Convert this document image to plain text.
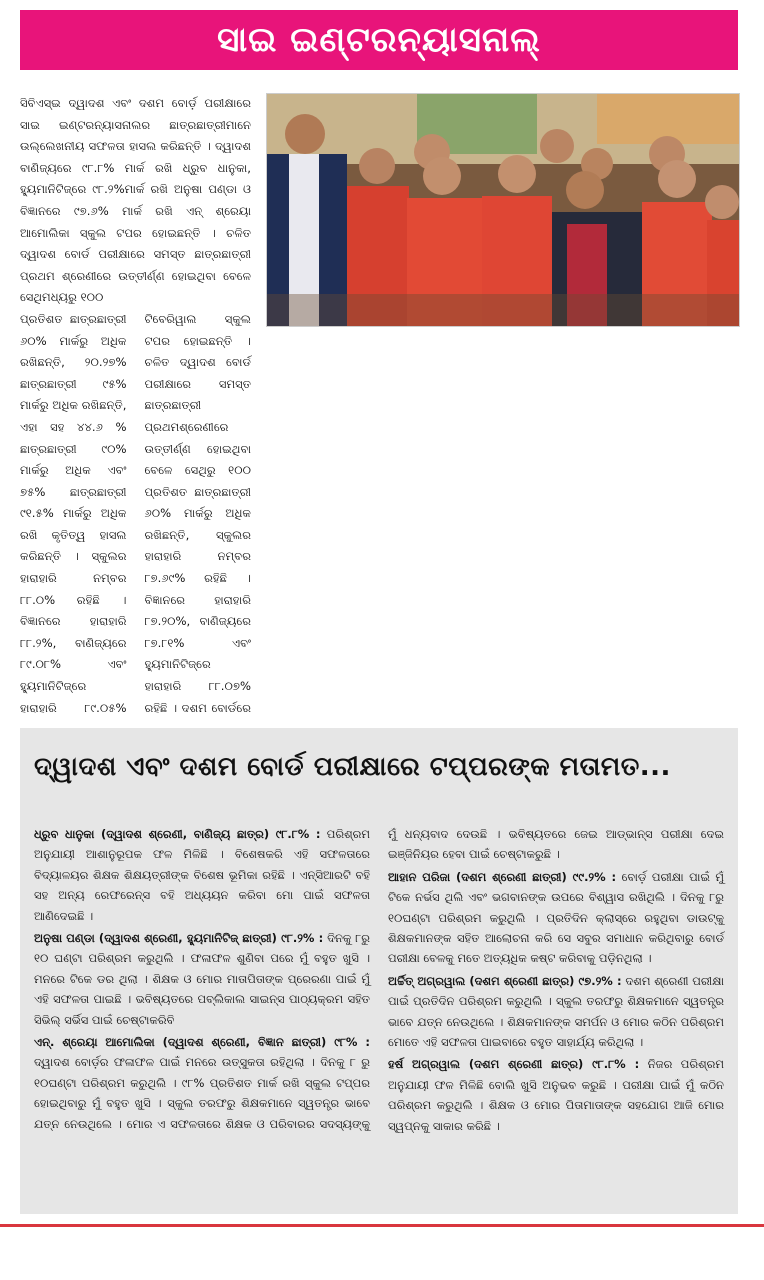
ସାଇ ଇଣ୍ଟରନ୍ୟାସନାଲ୍

ସିବିଏସ୍‌ଇ ଦ୍ୱାଦଶ ଏବଂ ଦଶମ ବୋର୍ଡ଼ ପରୀକ୍ଷାରେ ସାଇ ଇଣ୍ଟରନ୍ୟାସନାଲର ଛାତ୍ରଛାତ୍ରୀମାନେ ଉଲ୍ଲେଖନୀୟ ସଫଳତା ହାସଲ କରିଛନ୍ତି । ଦ୍ୱାଦଶ ବାଣିଜ୍ୟରେ ୯୮.୮% ମାର୍କ ରଖି ଧ୍ରୁବ ଧାନୁକା, ହ୍ୟୁମାନିଟିଜ୍‌ରେ ୯୮.୨%ମାର୍କ ରଖି ଅନୁଷା ପଣ୍ଡା ଓ ବିଜ୍ଞାନରେ ୯୭.୬% ମାର୍କ ରଖି ଏନ୍ ଶ୍ରେୟା ଆମୋଲିକା ସ୍କୁଲ ଟପର ହୋଇଛନ୍ତି । ଚଳିତ ଦ୍ୱାଦଶ ବୋର୍ଡ ପରୀକ୍ଷାରେ ସମସ୍ତ ଛାତ୍ରଛାତ୍ରୀ ପ୍ରଥମ ଶ୍ରେଣୀରେ ଉତ୍ତୀର୍ଣ୍ଣ ହୋଇଥିବା ବେଳେ ସେଥିମଧ୍ୟରୁ ୧୦୦

ପ୍ରତିଶତ ଛାତ୍ରଛାତ୍ରୀ ୬୦% ମାର୍କରୁ ଅଧିକ ରଖିଛନ୍ତି, ୨୦.୨୭% ଛାତ୍ରଛାତ୍ରୀ ୯୫% ମାର୍କରୁ ଅଧିକ ରଖିଛନ୍ତି, ଏହା ସହ ୪୪.୬ % ଛାତ୍ରଛାତ୍ରୀ ୯୦% ମାର୍କରୁ ଅଧିକ ଏବଂ ୭୫% ଛାତ୍ରଛାତ୍ରୀ ୯୧.୫% ମାର୍କରୁ ଅଧିକ ରଖି କୃତିତ୍ୱ ହାସଲ କରିଛନ୍ତି । ସ୍କୁଲର ହାରାହାରି ନମ୍ବର ୮୮.୦% ରହିଛି । ବିଜ୍ଞାନରେ ହାରାହାରି ୮୮.୨%, ବାଣିଜ୍ୟରେ ୮୯.୦୮% ଏବଂ ହ୍ୟୁମାନିଟିଜ୍‌ରେ ହାରାହାରି ୮୯.୦୫%

ଟିବେରିୱାଲ ସ୍କୁଲ ଟପର ହୋଇଛନ୍ତି । ଚଳିତ ଦ୍ୱାଦଶ ବୋର୍ଡ ପରୀକ୍ଷାରେ ସମସ୍ତ ଛାତ୍ରଛାତ୍ରୀ ପ୍ରଥମଶ୍ରେଣୀରେ ଉତ୍ତୀର୍ଣ୍ଣ ହୋଇଥିବା ବେଳେ ସେଥିରୁ ୧୦୦ ପ୍ରତିଶତ ଛାତ୍ରଛାତ୍ରୀ ୬୦% ମାର୍କରୁ ଅଧିକ ରଖିଛନ୍ତି, ସ୍କୁଲର ହାରାହାରି ନମ୍ବର ୮୭.୬୯% ରହିଛି । ବିଜ୍ଞାନରେ ହାରାହାରି ୮୭.୨୦%, ବାଣିଜ୍ୟରେ ୮୭.୮୧% ଏବଂ ହ୍ୟୁମାନିଟିଜ୍‌ରେ ହାରାହାରି ୮୮.୦୭% ରହିଛି । ଦଶମ ବୋର୍ଡରେ

ଦ୍ୱାଦଶ ଏବଂ ଦଶମ ବୋର୍ଡ ପରୀକ୍ଷାରେ ଟପ୍ପରଙ୍କ ମତାମତ...
ଧ୍ରୁବ ଧାନୁକା (ଦ୍ୱାଦଶ ଶ୍ରେଣୀ, ବାଣିଜ୍ୟ ଛାତ୍ର) ୯୮.୮% : ପରିଶ୍ରମ ଅନୁଯାୟୀ ଆଶାନୁରୂପକ ଫଳ ମିଳିଛି । ବିଶେଷକରି ଏହି ସଫଳତାରେ ବିଦ୍ୟାଳୟର ଶିକ୍ଷକ ଶିକ୍ଷୟତ୍ରୀଙ୍କ ବିଶେଷ ଭୂମିକା ରହିଛି । ଏନ୍‌ସିଆରଟି ବହି ସହ ଅନ୍ୟ ରେଫରେନ୍ସ ବହି ଅଧ୍ୟୟନ କରିବା ମୋ ପାଇଁ ସଫଳତା ଆଣିଦେଇଛି ।
ଅନୁଷା ପଣ୍ଡା (ଦ୍ୱାଦଶ ଶ୍ରେଣୀ, ହ୍ୟୁମାନିଟିଜ୍ ଛାତ୍ରୀ) ୯୮.୨% : ଦିନକୁ ୮ରୁ ୧୦ ଘଣ୍ଟା ପରିଶ୍ରମ କରୁଥିଲି । ଫଳାଫଳ ଶୁଣିବା ପରେ ମୁଁ ବହୁତ ଖୁସି । ମନରେ ଟିକେ ଡର ଥିଲା । ଶିକ୍ଷକ ଓ ମୋର ମାତାପିତାଙ୍କ ପ୍ରେରଣା ପାଇଁ ମୁଁ ଏହି ସଫଳତା ପାଇଛି । ଭବିଷ୍ୟତରେ ପବ୍ଲିକାଲ ସାଇନ୍ସ ପାଠ୍ୟକ୍ରମ ସହିତ ସିଭିଲ୍ ସର୍ଭିସ ପାଇଁ ଚେଷ୍ଟାକରିବି
ଏନ୍. ଶ୍ରେୟା ଆମୋଲିକା (ଦ୍ୱାଦଶ ଶ୍ରେଣୀ, ବିଜ୍ଞାନ ଛାତ୍ରୀ) ୯୮% : ଦ୍ୱାଦଶ ବୋର୍ଡ଼ର ଫଳାଫଳ ପାଇଁ ମନରେ ଉତ୍ସୁକତା ରହିଥିଲା । ଦିନକୁ ୮ ରୁ ୧୦ଘଣ୍ଟା ପରିଶ୍ରମ କରୁଥିଲି । ୯୮% ପ୍ରତିଶତ ମାର୍କ ରଖି ସ୍କୁଲ ଟପ୍ପର ହୋଇଥିବାରୁ ମୁଁ ବହୁତ ଖୁସି । ସ୍କୁଲ ତରଫରୁ ଶିକ୍ଷକମାନେ ସ୍ୱତନ୍ତ୍ର ଭାବେ ଯତ୍ନ ନେଉଥିଲେ । ମୋର ଏ ସଫଳତାରେ ଶିକ୍ଷକ ଓ ପରିବାରର ସଦସ୍ୟଙ୍କୁ ମୁଁ ଧନ୍ୟବାଦ ଦେଉଛି । ଭବିଷ୍ୟତରେ ଜେଇ ଆଡ୍‌ଭାନ୍ସ ପରୀକ୍ଷା ଦେଇ ଇଞ୍ଜିନିୟର ହେବା ପାଇଁ ଚେଷ୍ଟାକରୁଛି ।
ଆହାନ ପରିଜା (ଦଶମ ଶ୍ରେଣୀ ଛାତ୍ରୀ) ୯୯.୨% : ବୋର୍ଡ଼ ପରୀକ୍ଷା ପାଇଁ ମୁଁ ଟିକେ ନର୍ଭସ ଥିଲି ଏବଂ ଭଗବାନଙ୍କ ଉପରେ ବିଶ୍ୱାସ ରଖିଥିଲି । ଦିନକୁ ୮ରୁ ୧୦ଘଣ୍ଟା ପରିଶ୍ରମ କରୁଥିଲି । ପ୍ରତିଦିନ କ୍ଲାସ୍‌ରେ ରହୁଥିବା ଡାଉଟ୍‌କୁ ଶିକ୍ଷକମାନଙ୍କ ସହିତ ଆଲୋଚନା କରି ସେ ସବୁର ସମାଧାନ କରିଥିବାରୁ ବୋର୍ଡ ପରୀକ୍ଷା ବେଳକୁ ମତେ ଅତ୍ୟଧିକ କଷ୍ଟ କରିବାକୁ ପଡ଼ିନଥିଲା ।
ଅର୍ଚ୍ଚିତ୍ ଅଗ୍ରୱାଲ (ଦଶମ ଶ୍ରେଣୀ ଛାତ୍ର) ୯୭.୨% : ଦଶମ ଶ୍ରେଣୀ ପରୀକ୍ଷା ପାଇଁ ପ୍ରତିଦିନ ପରିଶ୍ରମ କରୁଥିଲି । ସ୍କୁଲ ତରଫରୁ ଶିକ୍ଷକମାନେ ସ୍ୱତନ୍ତ୍ର ଭାବେ ଯତ୍ନ ନେଉଥିଲେ । ଶିକ୍ଷକମାନଙ୍କ ସମର୍ପନ ଓ ମୋର କଠିନ ପରିଶ୍ରମ ମୋତେ ଏହି ସଫଳତା ପାଇବାରେ ବହୁତ ସାହାର୍ଯ୍ୟ କରିଥିଲା ।
ହର୍ଷ ଅଗ୍ରୱାଲ (ଦଶମ ଶ୍ରେଣୀ ଛାତ୍ର) ୯୮.୮% : ନିଜର ପରିଶ୍ରମ ଅନୁଯାୟୀ ଫଳ ମିଳିଛି ବୋଲି ଖୁସି ଅନୁଭବ କରୁଛି । ପରୀକ୍ଷା ପାଇଁ ମୁଁ କଠିନ ପରିଶ୍ରମ କରୁଥିଲି । ଶିକ୍ଷକ ଓ ମୋର ପିତାମାତାଙ୍କ ସହଯୋଗ ଆଜି ମୋର ସ୍ୱପ୍ନକୁ ସାକାର କରିଛି ।
